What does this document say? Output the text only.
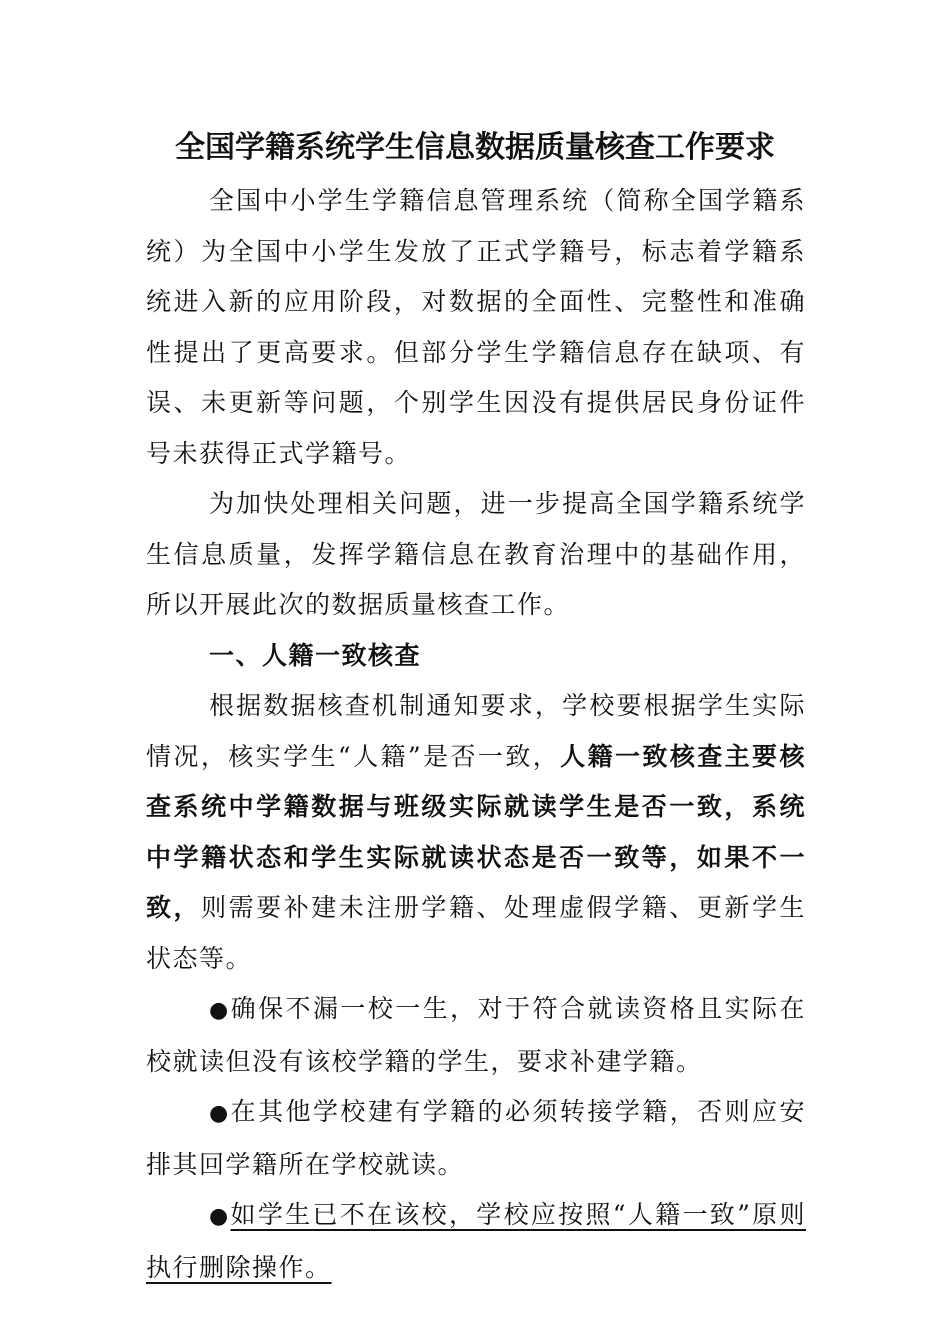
全国学籍系统学生信息数据质量核查工作要求

全国中小学生学籍信息管理系统（简称全国学籍系统）为全国中小学生发放了正式学籍号，标志着学籍系统进入新的应用阶段，对数据的全面性、完整性和准确性提出了更高要求。但部分学生学籍信息存在缺项、有误、未更新等问题，个别学生因没有提供居民身份证件号未获得正式学籍号。

为加快处理相关问题，进一步提高全国学籍系统学生信息质量，发挥学籍信息在教育治理中的基础作用，所以开展此次的数据质量核查工作。

一、人籍一致核查

根据数据核查机制通知要求，学校要根据学生实际情况，核实学生“人籍”是否一致，人籍一致核查主要核查系统中学籍数据与班级实际就读学生是否一致，系统中学籍状态和学生实际就读状态是否一致等，如果不一致，则需要补建未注册学籍、处理虚假学籍、更新学生状态等。

●确保不漏一校一生，对于符合就读资格且实际在校就读但没有该校学籍的学生，要求补建学籍。

●在其他学校建有学籍的必须转接学籍，否则应安排其回学籍所在学校就读。

●如学生已不在该校，学校应按照“人籍一致”原则执行删除操作。
